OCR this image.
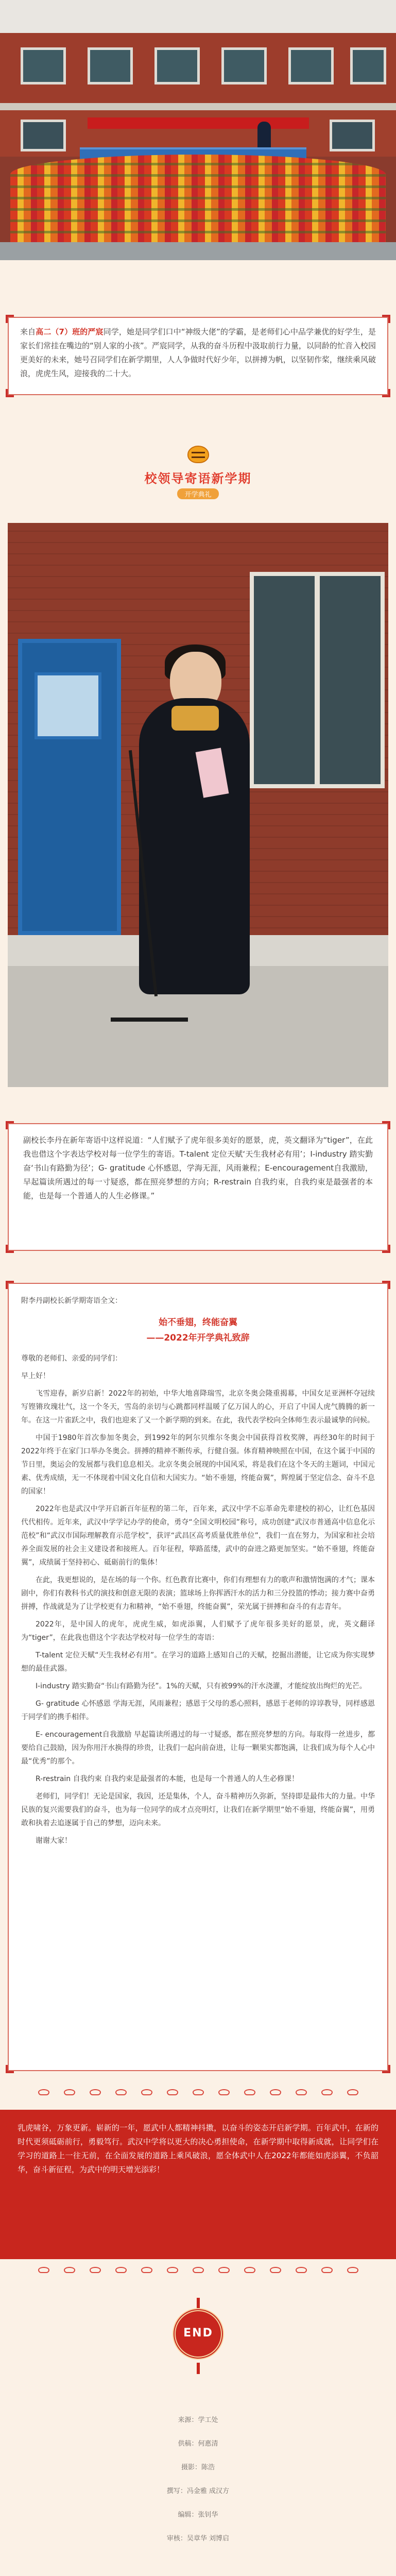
来自高二（7）班的严宸同学，她是同学们口中“神级大佬”的学霸，是老师们心中品学兼优的好学生，是家长们常挂在嘴边的“别人家的小孩”。严宸同学，从我的奋斗历程中汲取前行力量，以同龄的忙音入校园更美好的未来，她号召同学们在新学期里，人人争做时代好少年，以拼搏为帆，以坚韧作桨，继续乘风破浪，虎虎生风，迎接我的二十大。

校领导寄语新学期
开学典礼

副校长李丹在新年寄语中这样说道：“人们赋予了虎年很多美好的愿景，虎，英文翻译为“tiger”，在此我也借这个字表达学校对每一位学生的寄语。T-talent 定位天赋‘天生我材必有用’；I-industry 踏实勤奋‘书山有路勤为径’；G- gratitude 心怀感恩，学海无涯，风雨兼程；E-encouragement自我激励，早起篇读所遇过的每一寸疑惑，都在照亮梦想的方向；R-restrain 自我约束，自我约束是最强者的本能，也是每一个普通人的人生必修课。”

附李丹副校长新学期寄语全文：

始不垂翅，终能奋翼
——2022年开学典礼致辞

尊敬的老师们、亲爱的同学们：

早上好！

飞雪迎春，新岁启新！2022年的初始，中华大地喜降瑞雪，北京冬奥会隆重揭幕，中国女足亚洲杯夺冠续写铿锵玫瑰壮气，这一个冬天，雪岛的亲切与心跳都同样温暖了亿万国人的心，开启了中国人虎气腾腾的新一年。在这一片雀跃之中，我们也迎来了又一个新学期的到来。在此，我代表学校向全体师生表示最诚挚的问候。

中国于1980年首次参加冬奥会，到1992年的阿尔贝维尔冬奥会中国获得首枚奖牌，再经30年的时间于2022年终于在家门口举办冬奥会。拼搏的精神不断传承，行健自强。体育精神映照在中国，在这个属于中国的节日里，奥运会的发展都与我们息息相关。北京冬奥会展现的中国风采，将是我们在这个冬天的主题词，中国元素、优秀成绩，无一不体现着中国文化自信和大国实力。“始不垂翅，终能奋翼”，辉煌属于坚定信念、奋斗不息的国家！

2022年也是武汉中学开启新百年征程的第二年，百年来，武汉中学不忘革命先辈建校的初心，让红色基因代代相传。近年来，武汉中学学记办学的使命，勇夺“全国文明校园”称号，成功创建“武汉市普通高中信息化示范校”和“武汉市国际理解教育示范学校”，获评“武昌区高考质量优胜单位”，我们一直在努力，为国家和社会培养全面发展的社会主义建设者和接班人。百年征程，筚路蓝缕，武中的奋进之路更加坚实。“始不垂翅，终能奋翼”，成绩属于坚持初心、砥砺前行的集体！

在此，我更想说的，是在场的每一个你。红色教育比赛中，你们有理想有力的歌声和激情饱满的才气；课本剧中，你们有教科书式的演技和创意无限的表演；篮球场上你挥洒汗水的活力和三分投篮的悸动；接力赛中奋勇拼搏，作战就是为了让学校更有力和精神，“始不垂翅，终能奋翼”，荣光属于拼搏和奋斗的有志青年。

2022年，是中国人的虎年，虎虎生威，如虎添翼，人们赋予了虎年很多美好的愿景，虎，英文翻译为“tiger”，在此我也借这个字表达学校对每一位学生的寄语：

T-talent 定位天赋“天生我材必有用”。在学习的道路上感知自己的天赋，挖掘出潜能，让它成为你实现梦想的最佳武器。

I-industry 踏实勤奋“书山有路勤为径”。1%的天赋，只有被99%的汗水浇灌，才能绽放出绚烂的光芒。

G- gratitude 心怀感恩 学海无涯，风雨兼程；感恩于父母的悉心照料，感恩于老师的谆谆教导，同样感恩于同学们的携手相伴。

E- encouragement自我激励 早起篇读所遇过的每一寸疑惑，都在照亮梦想的方向。每取得一丝进步，都要给自己鼓励，因为你用汗水换得的珍贵，让我们一起向前奋进，让每一颗果实都饱满，让我们成为每个人心中最“优秀”的那个。

R-restrain 自我约束 自我约束是最强者的本能，也是每一个普通人的人生必修课！

老师们，同学们！无论是国家，我因，还是集体，个人，奋斗精神历久弥新，坚持即是最伟大的力量。中华民族的复兴需要我们的奋斗，也为每一位同学的成才点亮明灯，让我们在新学期里“始不垂翅，终能奋翼”，用勇敢和执着去追逐属于自己的梦想，迈向未来。

谢谢大家！

乳虎啸谷，万象更新。崭新的一年，愿武中人都精神抖擞，以奋斗的姿态开启新学期。百年武中，在新的时代更须砥砺前行，勇毅笃行。武汉中学将以更大的决心勇担使命，在新学期中取得新成就，让同学们在学习的道路上一往无前，在全面发展的道路上乘风破浪，愿全体武中人在2022年都能如虎添翼，不负韶华，奋斗新征程，为武中的明天增光添彩！

END
来源：学工处
供稿：何惠清
摄影：陈浩
撰写：冯金雅 成汉方
编辑：张钊华
审核：吴章华 刘博启
